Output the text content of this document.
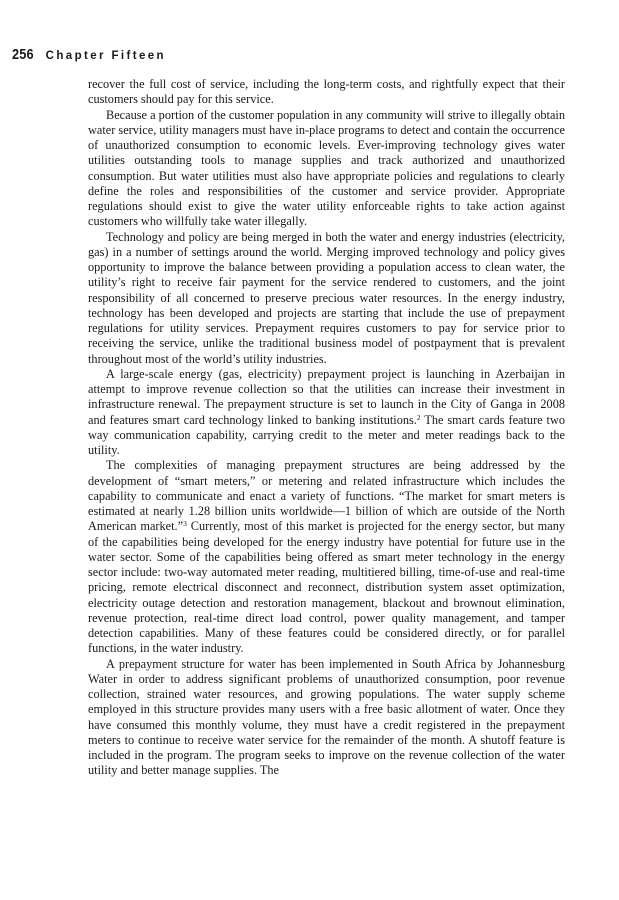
256 Chapter Fifteen

recover the full cost of service, including the long-term costs, and rightfully expect that their customers should pay for this service.

Because a portion of the customer population in any community will strive to illegally obtain water service, utility managers must have in-place programs to detect and contain the occurrence of unauthorized consumption to economic levels. Ever-improving technology gives water utilities outstanding tools to manage supplies and track authorized and unauthorized consumption. But water utilities must also have appropriate policies and regulations to clearly define the roles and responsibilities of the customer and service provider. Appropriate regulations should exist to give the water utility enforceable rights to take action against customers who willfully take water illegally.

Technology and policy are being merged in both the water and energy industries (electricity, gas) in a number of settings around the world. Merging improved technology and policy gives opportunity to improve the balance between providing a population access to clean water, the utility’s right to receive fair payment for the service rendered to customers, and the joint responsibility of all concerned to preserve precious water resources. In the energy industry, technology has been developed and projects are starting that include the use of prepayment regulations for utility services. Prepayment requires customers to pay for service prior to receiving the service, unlike the traditional business model of postpayment that is prevalent throughout most of the world’s utility industries.

A large-scale energy (gas, electricity) prepayment project is launching in Azerbaijan in attempt to improve revenue collection so that the utilities can increase their investment in infrastructure renewal. The prepayment structure is set to launch in the City of Ganga in 2008 and features smart card technology linked to banking institutions.$^2$ The smart cards feature two way communication capability, carrying credit to the meter and meter readings back to the utility.

The complexities of managing prepayment structures are being addressed by the development of “smart meters,” or metering and related infrastructure which includes the capability to communicate and enact a variety of functions. “The market for smart meters is estimated at nearly 1.28 billion units worldwide—1 billion of which are outside of the North American market.”$^3$ Currently, most of this market is projected for the energy sector, but many of the capabilities being developed for the energy industry have potential for future use in the water sector. Some of the capabilities being offered as smart meter technology in the energy sector include: two-way automated meter reading, multitiered billing, time-of-use and real-time pricing, remote electrical disconnect and reconnect, distribution system asset optimization, electricity outage detection and restoration management, blackout and brownout elimination, revenue protection, real-time direct load control, power quality management, and tamper detection capabilities. Many of these features could be considered directly, or for parallel functions, in the water industry.

A prepayment structure for water has been implemented in South Africa by Johannesburg Water in order to address significant problems of unauthorized consumption, poor revenue collection, strained water resources, and growing populations. The water supply scheme employed in this structure provides many users with a free basic allotment of water. Once they have consumed this monthly volume, they must have a credit registered in the prepayment meters to continue to receive water service for the remainder of the month. A shutoff feature is included in the program. The program seeks to improve on the revenue collection of the water utility and better manage supplies. The
